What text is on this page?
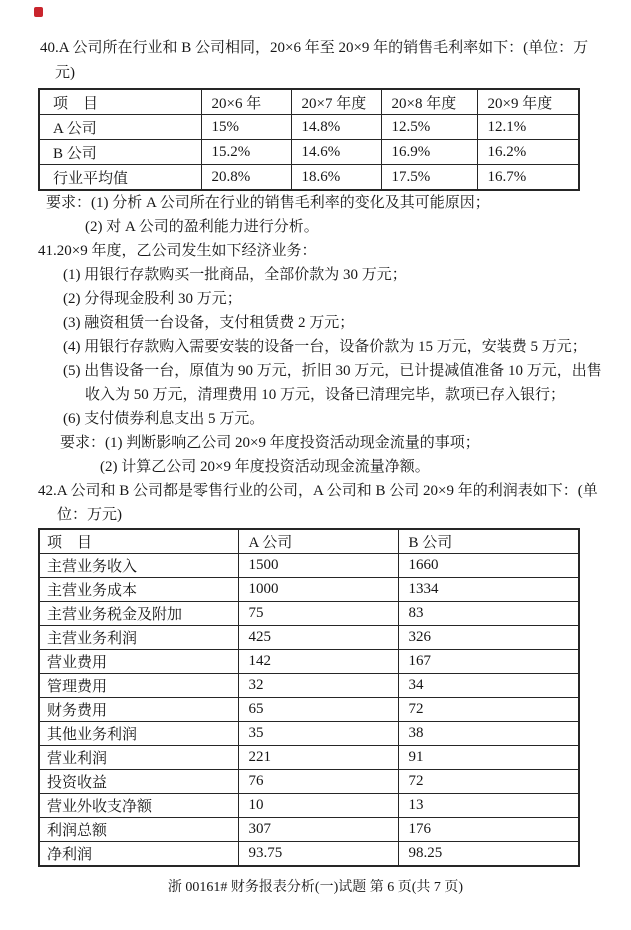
40.A 公司所在行业和 B 公司相同，20×6 年至 20×9 年的销售毛利率如下：(单位：万

元)

项　目	20×6 年	20×7 年度	20×8 年度	20×9 年度
A 公司	15%	14.8%	12.5%	12.1%
B 公司	15.2%	14.6%	16.9%	16.2%
行业平均值	20.8%	18.6%	17.5%	16.7%

要求：(1) 分析 A 公司所在行业的销售毛利率的变化及其可能原因；

(2) 对 A 公司的盈利能力进行分析。

41.20×9 年度，乙公司发生如下经济业务：

(1) 用银行存款购买一批商品，全部价款为 30 万元；

(2) 分得现金股利 30 万元；

(3) 融资租赁一台设备，支付租赁费 2 万元；

(4) 用银行存款购入需要安装的设备一台，设备价款为 15 万元，安装费 5 万元；

(5) 出售设备一台，原值为 90 万元，折旧 30 万元，已计提减值准备 10 万元，出售

收入为 50 万元，清理费用 10 万元，设备已清理完毕，款项已存入银行；

(6) 支付债券利息支出 5 万元。

要求：(1) 判断影响乙公司 20×9 年度投资活动现金流量的事项；

(2) 计算乙公司 20×9 年度投资活动现金流量净额。

42.A 公司和 B 公司都是零售行业的公司，A 公司和 B 公司 20×9 年的利润表如下：(单

位：万元)

项　目	A 公司	B 公司
主营业务收入	1500	1660
主营业务成本	1000	1334
主营业务税金及附加	75	83
主营业务利润	425	326
营业费用	142	167
管理费用	32	34
财务费用	65	72
其他业务利润	35	38
营业利润	221	91
投资收益	76	72
营业外收支净额	10	13
利润总额	307	176
净利润	93.75	98.25
浙 00161# 财务报表分析(一)试题 第 6 页(共 7 页)
